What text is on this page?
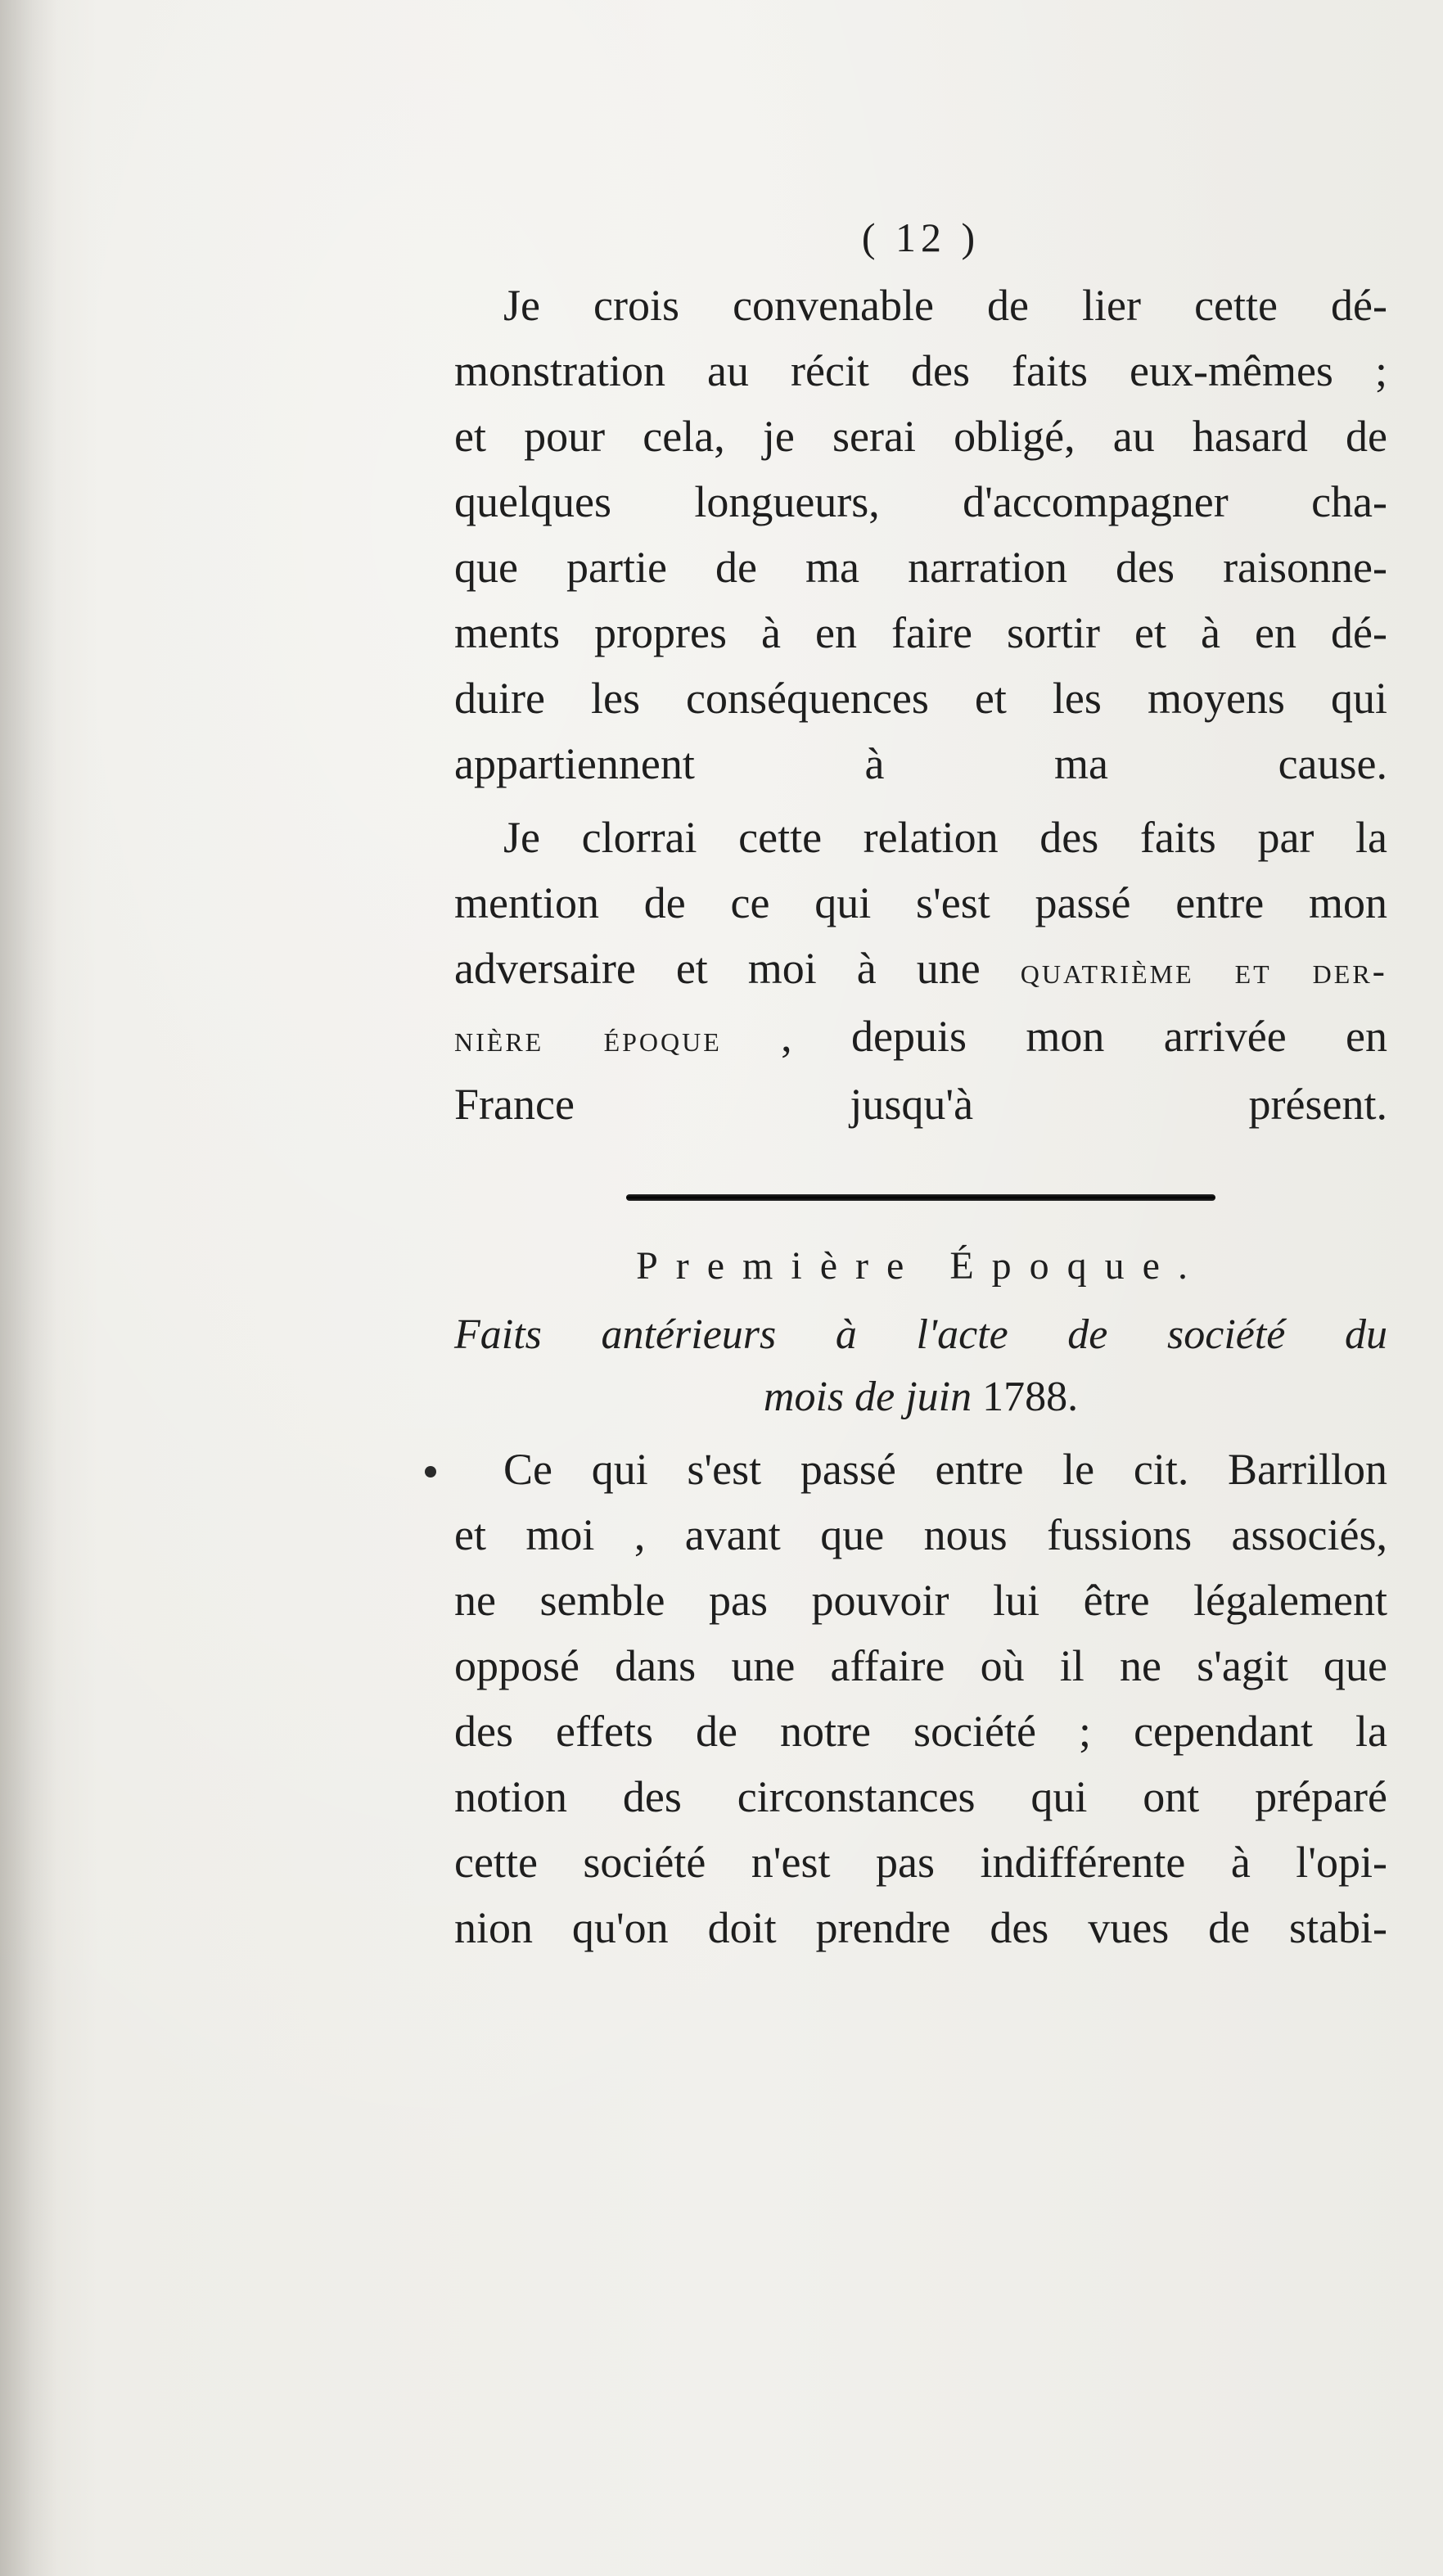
( 12 )
Je crois convenable de lier cette dé-
monstration au récit des faits eux-mêmes ;
et pour cela, je serai obligé, au hasard de
quelques longueurs, d'accompagner cha-
que partie de ma narration des raisonne-
ments propres à en faire sortir et à en dé-
duire les conséquences et les moyens qui
appartiennent à ma cause.
Je clorrai cette relation des faits par la
mention de ce qui s'est passé entre mon
adversaire et moi à une quatrième et der-
nière époque , depuis mon arrivée en
France jusqu'à présent.
Première Époque.
Faits antérieurs à l'acte de société du
mois de juin 1788.
Ce qui s'est passé entre le cit. Barrillon
et moi , avant que nous fussions associés,
ne semble pas pouvoir lui être légalement
opposé dans une affaire où il ne s'agit que
des effets de notre société ; cependant la
notion des circonstances qui ont préparé
cette société n'est pas indifférente à l'opi-
nion qu'on doit prendre des vues de stabi-
